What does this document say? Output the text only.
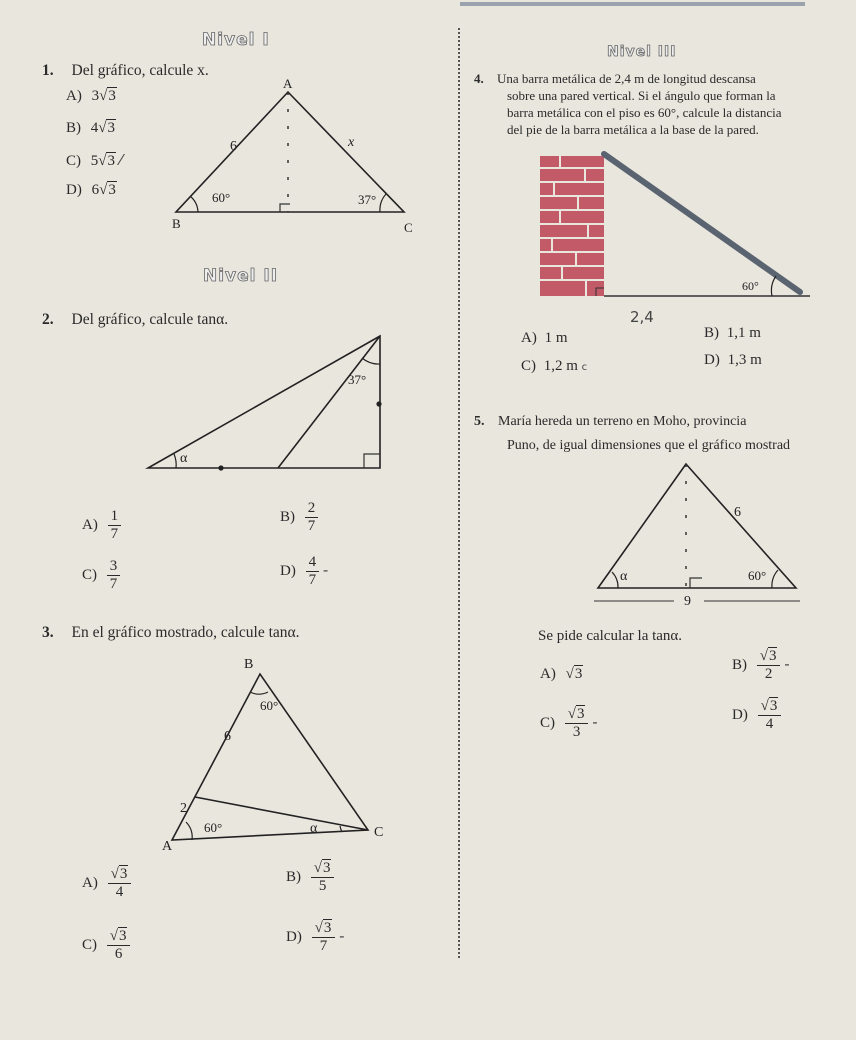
Nivel I
Nivel II
Nivel III
1. Del gráfico, calcule x.
A) 3√3
B) 4√3
C) 5√3 ⁄
D) 6√3
A
B	C
6	x
60°	37°
2. Del gráfico, calcule tanα.
37°
α
$A) \frac{1}{7}$	$B) \frac{2}{7}$
$C) \frac{3}{7}$	$D) \frac{4}{7}$ -
3. En el gráfico mostrado, calcule tanα.
B
A
C
60°
60°
6
2
α
$A) \frac{√3}{4}$	$B) \frac{√3}{5}$
$C) \frac{√3}{6}$	$D) \frac{√3}{7}$ -
4. Una barra metálica de 2,4 m de longitud descansa
sobre una pared vertical. Si el ángulo que forman la
barra metálica con el piso es 60°, calcule la distancia
del pie de la barra metálica a la base de la pared.
60°
2,4
A) 1 m	B) 1,1 m
C) 1,2 m c	D) 1,3 m
5. María hereda un terreno en Moho, provincia
Puno, de igual dimensiones que el gráfico mostrad
6
60°
α
9
Se pide calcular la tanα.
A) √3
$B) \frac{√3}{2}$ -
$C) \frac{√3}{3}$ -	$D) \frac{√3}{4}$
